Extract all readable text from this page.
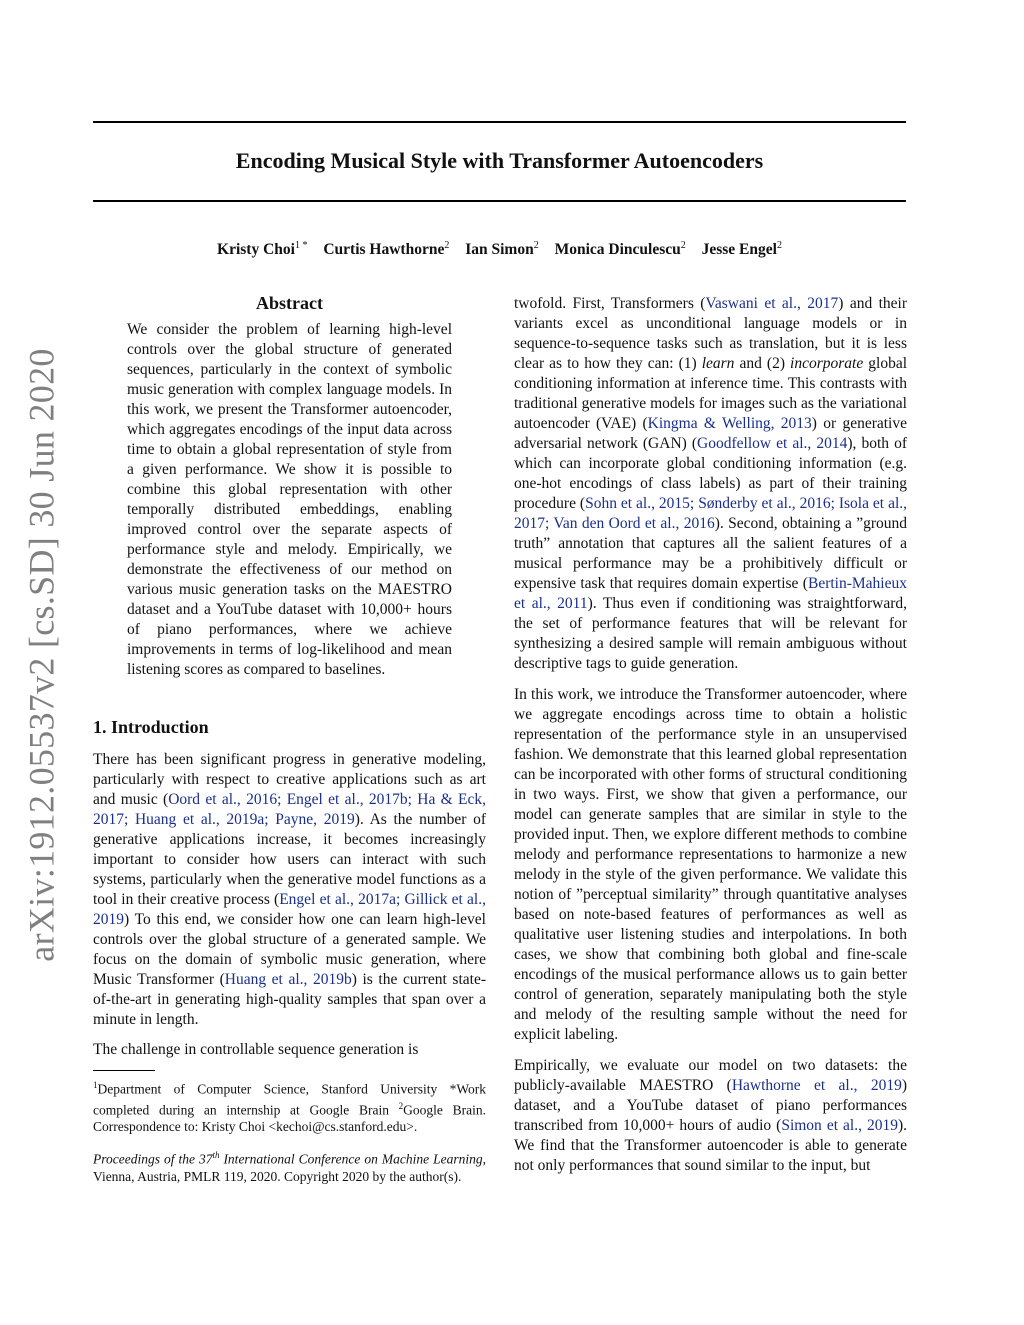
Encoding Musical Style with Transformer Autoencoders
Kristy Choi$^{1 *}$ Curtis Hawthorne$^2$ Ian Simon$^2$ Monica Dinculescu$^2$ Jesse Engel$^2$
arXiv:1912.05537v2 [cs.SD] 30 Jun 2020
Abstract

We consider the problem of learning high-level controls over the global structure of generated sequences, particularly in the context of symbolic music generation with complex language models. In this work, we present the Transformer autoencoder, which aggregates encodings of the input data across time to obtain a global representation of style from a given performance. We show it is possible to combine this global representation with other temporally distributed embeddings, enabling improved control over the separate aspects of performance style and melody. Empirically, we demonstrate the effectiveness of our method on various music generation tasks on the MAESTRO dataset and a YouTube dataset with 10,000+ hours of piano performances, where we achieve improvements in terms of log-likelihood and mean listening scores as compared to baselines.

1. Introduction

There has been significant progress in generative modeling, particularly with respect to creative applications such as art and music (Oord et al., 2016; Engel et al., 2017b; Ha & Eck, 2017; Huang et al., 2019a; Payne, 2019). As the number of generative applications increase, it becomes increasingly important to consider how users can interact with such systems, particularly when the generative model functions as a tool in their creative process (Engel et al., 2017a; Gillick et al., 2019) To this end, we consider how one can learn high-level controls over the global structure of a generated sample. We focus on the domain of symbolic music generation, where Music Transformer (Huang et al., 2019b) is the current state-of-the-art in generating high-quality samples that span over a minute in length.

The challenge in controllable sequence generation is

$^1$Department of Computer Science, Stanford University *Work completed during an internship at Google Brain $^2$Google Brain. Correspondence to: Kristy Choi <kechoi@cs.stanford.edu>.

Proceedings of the 37th International Conference on Machine Learning, Vienna, Austria, PMLR 119, 2020. Copyright 2020 by the author(s).

twofold. First, Transformers (Vaswani et al., 2017) and their variants excel as unconditional language models or in sequence-to-sequence tasks such as translation, but it is less clear as to how they can: (1) learn and (2) incorporate global conditioning information at inference time. This contrasts with traditional generative models for images such as the variational autoencoder (VAE) (Kingma & Welling, 2013) or generative adversarial network (GAN) (Goodfellow et al., 2014), both of which can incorporate global conditioning information (e.g. one-hot encodings of class labels) as part of their training procedure (Sohn et al., 2015; Sønderby et al., 2016; Isola et al., 2017; Van den Oord et al., 2016). Second, obtaining a ”ground truth” annotation that captures all the salient features of a musical performance may be a prohibitively difficult or expensive task that requires domain expertise (Bertin-Mahieux et al., 2011). Thus even if conditioning was straightforward, the set of performance features that will be relevant for synthesizing a desired sample will remain ambiguous without descriptive tags to guide generation.

In this work, we introduce the Transformer autoencoder, where we aggregate encodings across time to obtain a holistic representation of the performance style in an unsupervised fashion. We demonstrate that this learned global representation can be incorporated with other forms of structural conditioning in two ways. First, we show that given a performance, our model can generate samples that are similar in style to the provided input. Then, we explore different methods to combine melody and performance representations to harmonize a new melody in the style of the given performance. We validate this notion of ”perceptual similarity” through quantitative analyses based on note-based features of performances as well as qualitative user listening studies and interpolations. In both cases, we show that combining both global and fine-scale encodings of the musical performance allows us to gain better control of generation, separately manipulating both the style and melody of the resulting sample without the need for explicit labeling.

Empirically, we evaluate our model on two datasets: the publicly-available MAESTRO (Hawthorne et al., 2019) dataset, and a YouTube dataset of piano performances transcribed from 10,000+ hours of audio (Simon et al., 2019). We find that the Transformer autoencoder is able to generate not only performances that sound similar to the input, but
